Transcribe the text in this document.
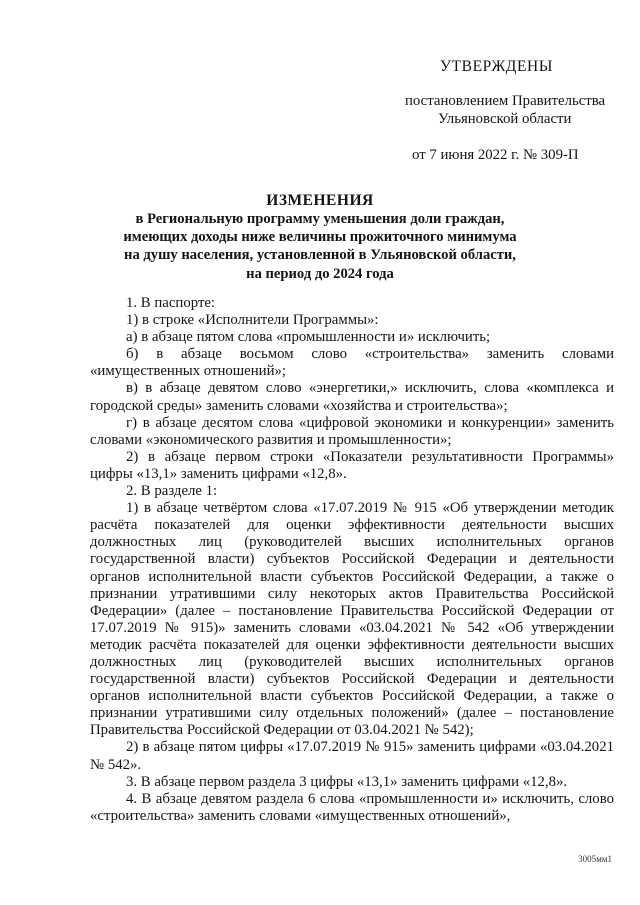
УТВЕРЖДЕНЫ
постановлением Правительства
Ульяновской области
от 7 июня 2022 г. № 309-П
ИЗМЕНЕНИЯ
в Региональную программу уменьшения доли граждан,
имеющих доходы ниже величины прожиточного минимума
на душу населения, установленной в Ульяновской области,
на период до 2024 года

1. В паспорте:

1) в строке «Исполнители Программы»:

а) в абзаце пятом слова «промышленности и» исключить;

б) в абзаце восьмом слово «строительства» заменить словами «имущественных отношений»;

в) в абзаце девятом слово «энергетики,» исключить, слова «комплекса и городской среды» заменить словами «хозяйства и строительства»;

г) в абзаце десятом слова «цифровой экономики и конкуренции» заменить словами «экономического развития и промышленности»;

2) в абзаце первом строки «Показатели результативности Программы» цифры «13,1» заменить цифрами «12,8».

2. В разделе 1:

1) в абзаце четвёртом слова «17.07.2019 № 915 «Об утверждении методик расчёта показателей для оценки эффективности деятельности высших должностных лиц (руководителей высших исполнительных органов государственной власти) субъектов Российской Федерации и деятельности органов исполнительной власти субъектов Российской Федерации, а также о признании утратившими силу некоторых актов Правительства Российской Федерации» (далее – постановление Правительства Российской Федерации от 17.07.2019 № 915)» заменить словами «03.04.2021 № 542 «Об утверждении методик расчёта показателей для оценки эффективности деятельности высших должностных лиц (руководителей высших исполнительных органов государственной власти) субъектов Российской Федерации и деятельности органов исполнительной власти субъектов Российской Федерации, а также о признании утратившими силу отдельных положений» (далее – постановление Правительства Российской Федерации от 03.04.2021 № 542);

2) в абзаце пятом цифры «17.07.2019 № 915» заменить цифрами «03.04.2021 № 542».

3. В абзаце первом раздела 3 цифры «13,1» заменить цифрами «12,8».

4. В абзаце девятом раздела 6 слова «промышленности и» исключить, слово «строительства» заменить словами «имущественных отношений»,

3005мм1
